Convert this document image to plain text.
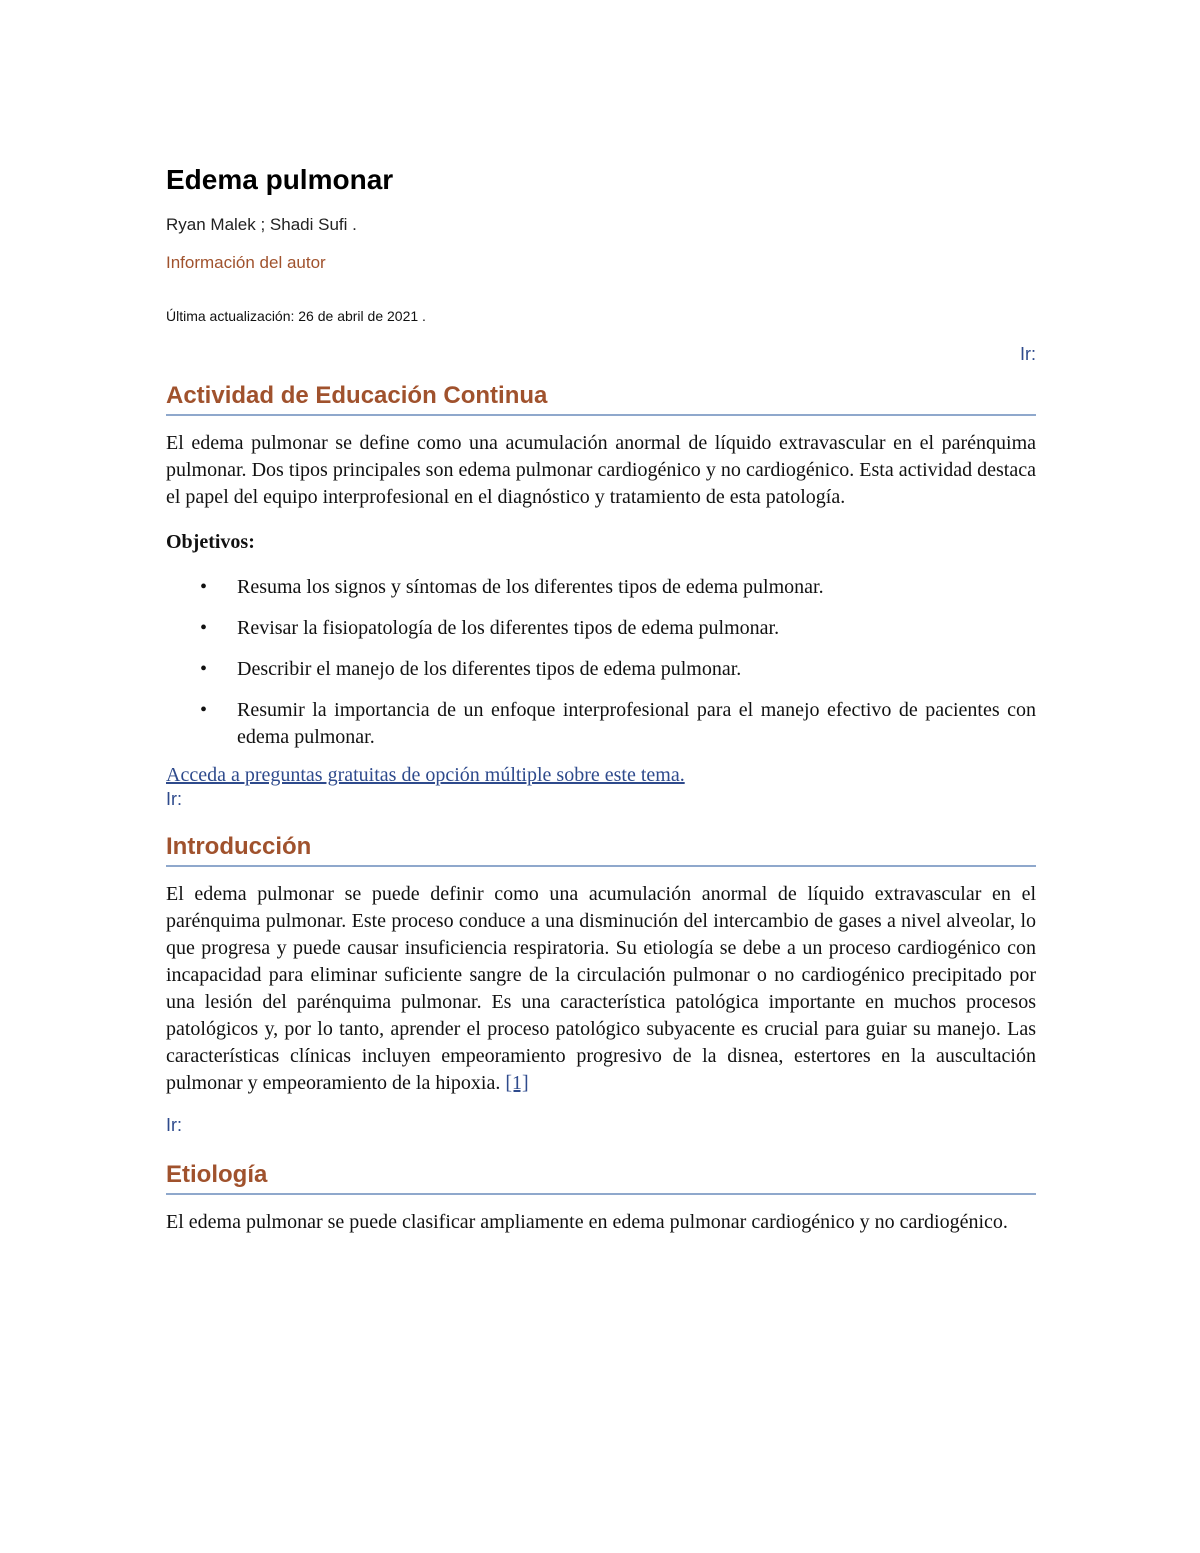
Edema pulmonar
Ryan Malek ; Shadi Sufi .
Información del autor
Última actualización: 26 de abril de 2021 .
Ir:
Actividad de Educación Continua

El edema pulmonar se define como una acumulación anormal de líquido extravascular en el parénquima pulmonar. Dos tipos principales son edema pulmonar cardiogénico y no cardiogénico. Esta actividad destaca el papel del equipo interprofesional en el diagnóstico y tratamiento de esta patología.

Objetivos:

• Resuma los signos y síntomas de los diferentes tipos de edema pulmonar.
• Revisar la fisiopatología de los diferentes tipos de edema pulmonar.
• Describir el manejo de los diferentes tipos de edema pulmonar.
• Resumir la importancia de un enfoque interprofesional para el manejo efectivo de pacientes con edema pulmonar.
Acceda a preguntas gratuitas de opción múltiple sobre este tema.
Ir:
Introducción

El edema pulmonar se puede definir como una acumulación anormal de líquido extravascular en el parénquima pulmonar. Este proceso conduce a una disminución del intercambio de gases a nivel alveolar, lo que progresa y puede causar insuficiencia respiratoria. Su etiología se debe a un proceso cardiogénico con incapacidad para eliminar suficiente sangre de la circulación pulmonar o no cardiogénico precipitado por una lesión del parénquima pulmonar. Es una característica patológica importante en muchos procesos patológicos y, por lo tanto, aprender el proceso patológico subyacente es crucial para guiar su manejo. Las características clínicas incluyen empeoramiento progresivo de la disnea, estertores en la auscultación pulmonar y empeoramiento de la hipoxia. [1]

Ir:
Etiología

El edema pulmonar se puede clasificar ampliamente en edema pulmonar cardiogénico y no cardiogénico.
